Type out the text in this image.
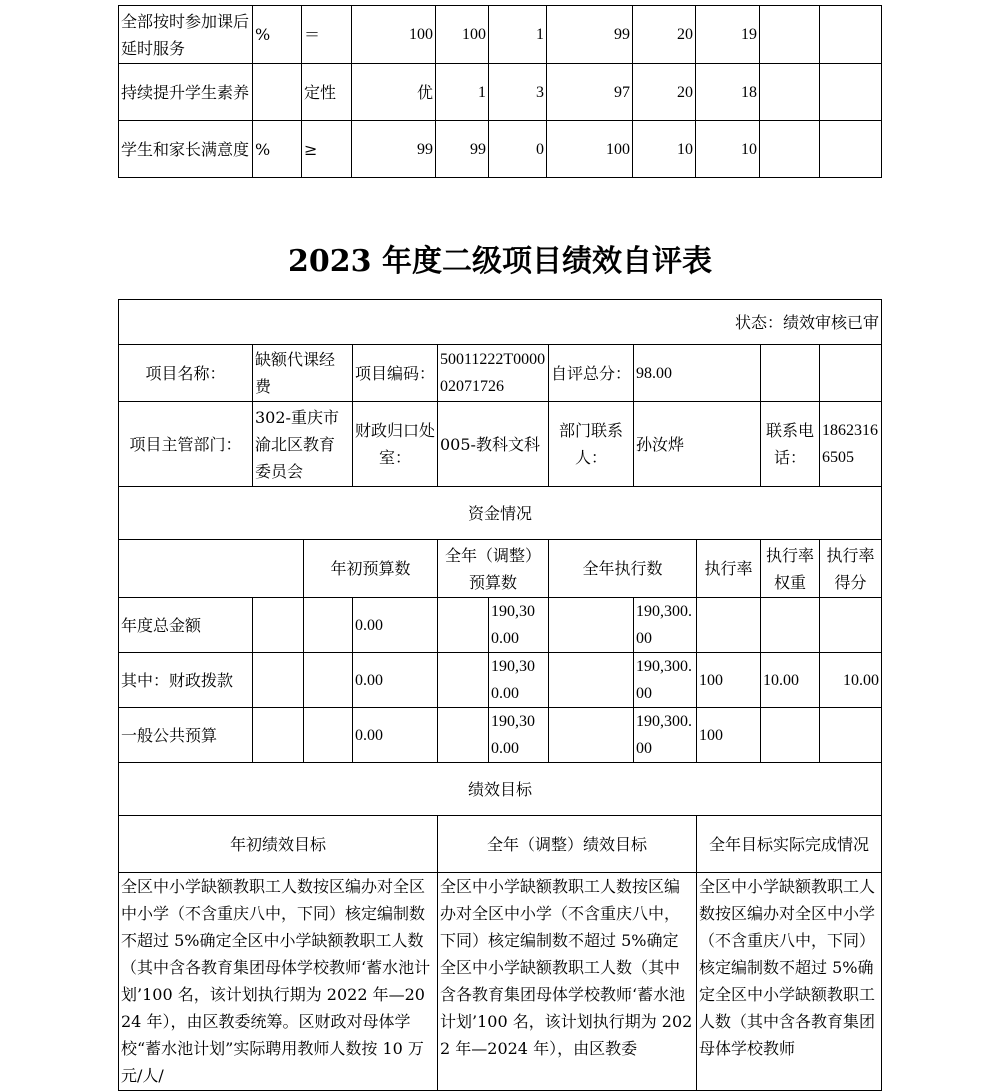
全部按时参加课后延时服务	%	＝	100	100	1	99	20	19		
持续提升学生素养		定性	优	1	3	97	20	18		
学生和家长满意度	%	≥	99	99	0	100	10	10		
2023 年度二级项目绩效自评表
状态：绩效审核已审										
项目名称：	缺额代课经费		项目编码：	50011222T000002071726		自评总分：	98.00			
项目主管部门：	302-重庆市渝北区教育委员会		财政归口处室：	005-教科文科		部门联系人：	孙汝烨		联系电话：	18623166505
资金情况										
		年初预算数		全年（调整）预算数		全年执行数		执行率	执行率权重	执行率得分
年度总金额			0.00		190,300.00		190,300.00			
其中：财政拨款			0.00		190,300.00		190,300.00	100	10.00	10.00
一般公共预算			0.00		190,300.00		190,300.00	100		
绩效目标										
年初绩效目标				全年（调整）绩效目标				全年目标实际完成情况		
全区中小学缺额教职工人数按区编办对全区中小学（不含重庆八中，下同）核定编制数不超过 5%确定全区中小学缺额教职工人数（其中含各教育集团母体学校教师‘蓄水池计划’100 名，该计划执行期为 2022 年—2024 年），由区教委统筹。区财政对母体学校“蓄水池计划”实际聘用教师人数按 10 万元/人/				全区中小学缺额教职工人数按区编办对全区中小学（不含重庆八中，下同）核定编制数不超过 5%确定全区中小学缺额教职工人数（其中含各教育集团母体学校教师‘蓄水池计划’100 名，该计划执行期为 2022 年—2024 年），由区教委				全区中小学缺额教职工人数按区编办对全区中小学（不含重庆八中，下同）核定编制数不超过 5%确定全区中小学缺额教职工人数（其中含各教育集团母体学校教师		
